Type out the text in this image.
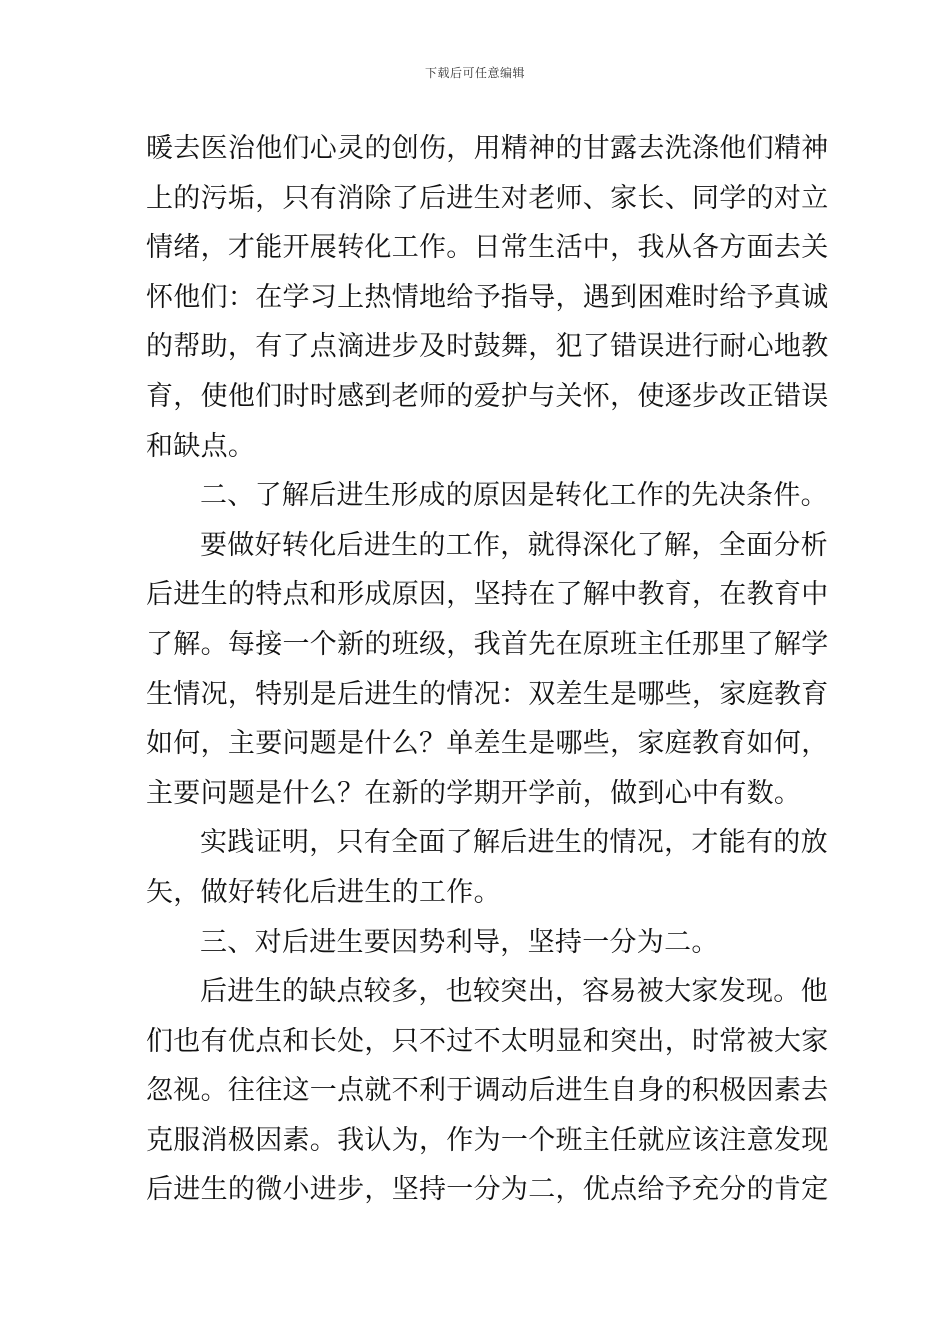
下载后可任意编辑
暖去医治他们心灵的创伤，用精神的甘露去洗涤他们精神
上的污垢，只有消除了后进生对老师、家长、同学的对立
情绪，才能开展转化工作。日常生活中，我从各方面去关
怀他们：在学习上热情地给予指导，遇到困难时给予真诚
的帮助，有了点滴进步及时鼓舞，犯了错误进行耐心地教
育，使他们时时感到老师的爱护与关怀，使逐步改正错误
和缺点。
二、了解后进生形成的原因是转化工作的先决条件。
要做好转化后进生的工作，就得深化了解，全面分析
后进生的特点和形成原因，坚持在了解中教育，在教育中
了解。每接一个新的班级，我首先在原班主任那里了解学
生情况，特别是后进生的情况：双差生是哪些，家庭教育
如何，主要问题是什么？单差生是哪些，家庭教育如何，
主要问题是什么？在新的学期开学前，做到心中有数。
实践证明，只有全面了解后进生的情况，才能有的放
矢，做好转化后进生的工作。
三、对后进生要因势利导，坚持一分为二。
后进生的缺点较多，也较突出，容易被大家发现。他
们也有优点和长处，只不过不太明显和突出，时常被大家
忽视。往往这一点就不利于调动后进生自身的积极因素去
克服消极因素。我认为，作为一个班主任就应该注意发现
后进生的微小进步，坚持一分为二，优点给予充分的肯定
